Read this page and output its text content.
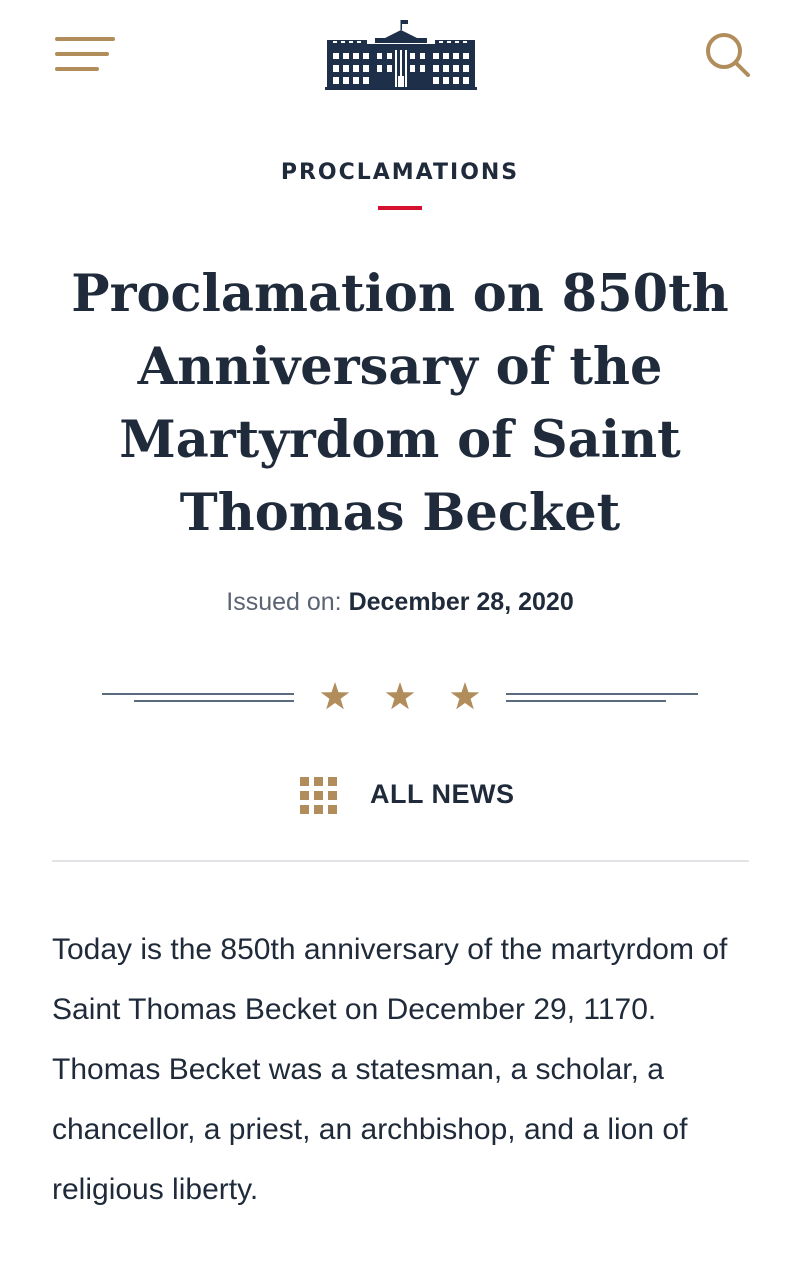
PROCLAMATIONS
Proclamation on 850th Anniversary of the Martyrdom of Saint Thomas Becket
Issued on: December 28, 2020
ALL NEWS

Today is the 850th anniversary of the martyrdom of Saint Thomas Becket on December 29, 1170. Thomas Becket was a statesman, a scholar, a chancellor, a priest, an archbishop, and a lion of religious liberty.
